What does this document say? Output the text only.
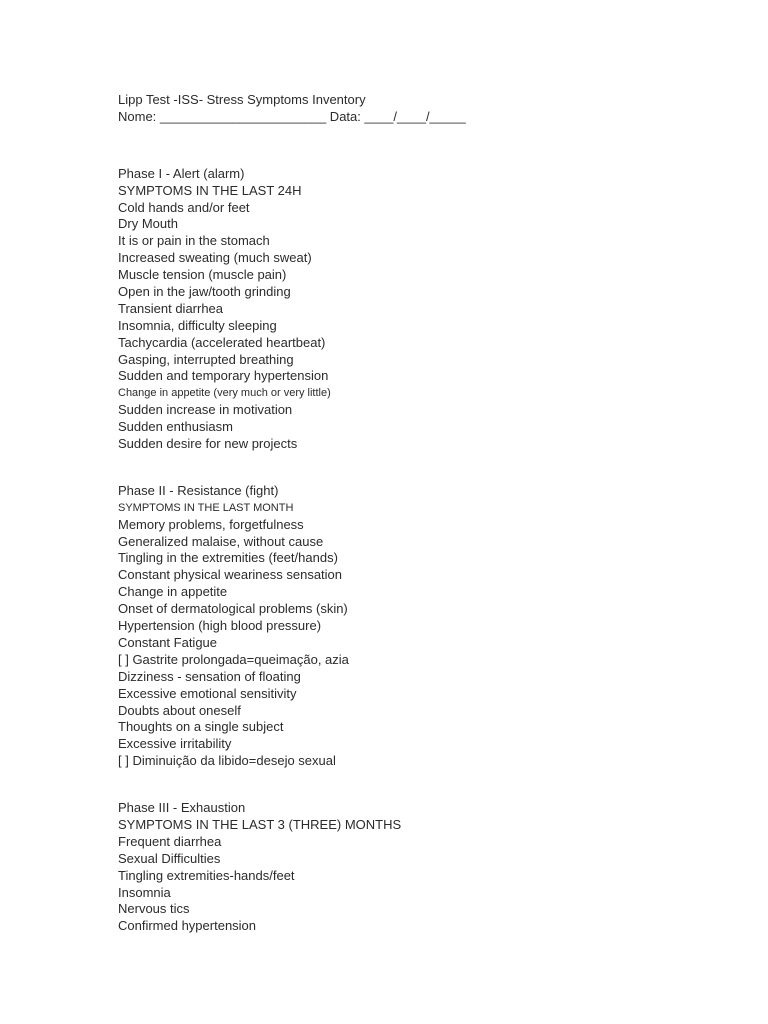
Lipp Test -ISS- Stress Symptoms Inventory
Nome: _______________________ Data: ____/____/_____
Phase I - Alert (alarm)
SYMPTOMS IN THE LAST 24H
Cold hands and/or feet
Dry Mouth
It is or pain in the stomach
Increased sweating (much sweat)
Muscle tension (muscle pain)
Open in the jaw/tooth grinding
Transient diarrhea
Insomnia, difficulty sleeping
Tachycardia (accelerated heartbeat)
Gasping, interrupted breathing
Sudden and temporary hypertension
Change in appetite (very much or very little)
Sudden increase in motivation
Sudden enthusiasm
Sudden desire for new projects
Phase II - Resistance (fight)
SYMPTOMS IN THE LAST MONTH
Memory problems, forgetfulness
Generalized malaise, without cause
Tingling in the extremities (feet/hands)
Constant physical weariness sensation
Change in appetite
Onset of dermatological problems (skin)
Hypertension (high blood pressure)
Constant Fatigue
[ ] Gastrite prolongada=queimação, azia
Dizziness - sensation of floating
Excessive emotional sensitivity
Doubts about oneself
Thoughts on a single subject
Excessive irritability
[ ] Diminuição da libido=desejo sexual
Phase III - Exhaustion
SYMPTOMS IN THE LAST 3 (THREE) MONTHS
Frequent diarrhea
Sexual Difficulties
Tingling extremities-hands/feet
Insomnia
Nervous tics
Confirmed hypertension
